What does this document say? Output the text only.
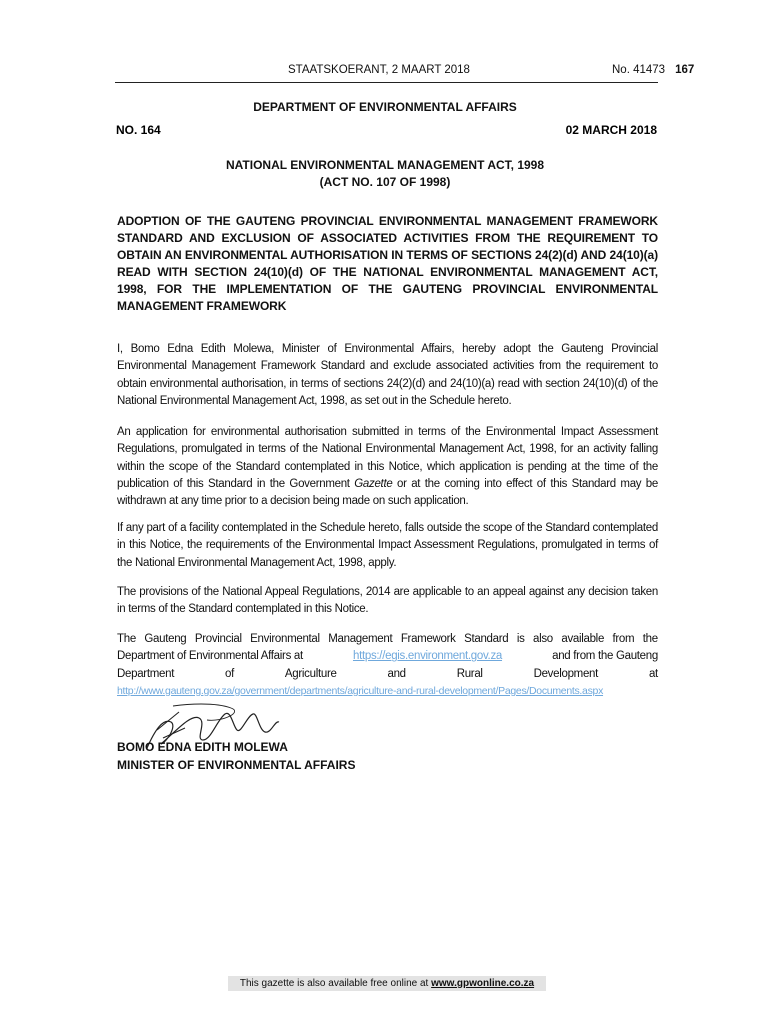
STAATSKOERANT, 2 MAART 2018	No. 41473 167
DEPARTMENT OF ENVIRONMENTAL AFFAIRS
NO. 164	02 MARCH 2018
NATIONAL ENVIRONMENTAL MANAGEMENT ACT, 1998
(ACT NO. 107 OF 1998)
ADOPTION OF THE GAUTENG PROVINCIAL ENVIRONMENTAL MANAGEMENT FRAMEWORK STANDARD AND EXCLUSION OF ASSOCIATED ACTIVITIES FROM THE REQUIREMENT TO OBTAIN AN ENVIRONMENTAL AUTHORISATION IN TERMS OF SECTIONS 24(2)(d) AND 24(10)(a) READ WITH SECTION 24(10)(d) OF THE NATIONAL ENVIRONMENTAL MANAGEMENT ACT, 1998, FOR THE IMPLEMENTATION OF THE GAUTENG PROVINCIAL ENVIRONMENTAL MANAGEMENT FRAMEWORK
I, Bomo Edna Edith Molewa, Minister of Environmental Affairs, hereby adopt the Gauteng Provincial Environmental Management Framework Standard and exclude associated activities from the requirement to obtain environmental authorisation, in terms of sections 24(2)(d) and 24(10)(a) read with section 24(10)(d) of the National Environmental Management Act, 1998, as set out in the Schedule hereto.
An application for environmental authorisation submitted in terms of the Environmental Impact Assessment Regulations, promulgated in terms of the National Environmental Management Act, 1998, for an activity falling within the scope of the Standard contemplated in this Notice, which application is pending at the time of the publication of this Standard in the Government Gazette or at the coming into effect of this Standard may be withdrawn at any time prior to a decision being made on such application.
If any part of a facility contemplated in the Schedule hereto, falls outside the scope of the Standard contemplated in this Notice, the requirements of the Environmental Impact Assessment Regulations, promulgated in terms of the National Environmental Management Act, 1998, apply.
The provisions of the National Appeal Regulations, 2014 are applicable to an appeal against any decision taken in terms of the Standard contemplated in this Notice.
The Gauteng Provincial Environmental Management Framework Standard is also available from the
Department of Environmental Affairs at	https://egis.environment.gov.za	and from the Gauteng
Department	of	Agriculture	and	Rural	Development	at
http://www.gauteng.gov.za/government/departments/agriculture-and-rural-development/Pages/Documents.aspx
BOMO EDNA EDITH MOLEWA
MINISTER OF ENVIRONMENTAL AFFAIRS
This gazette is also available free online at www.gpwonline.co.za
